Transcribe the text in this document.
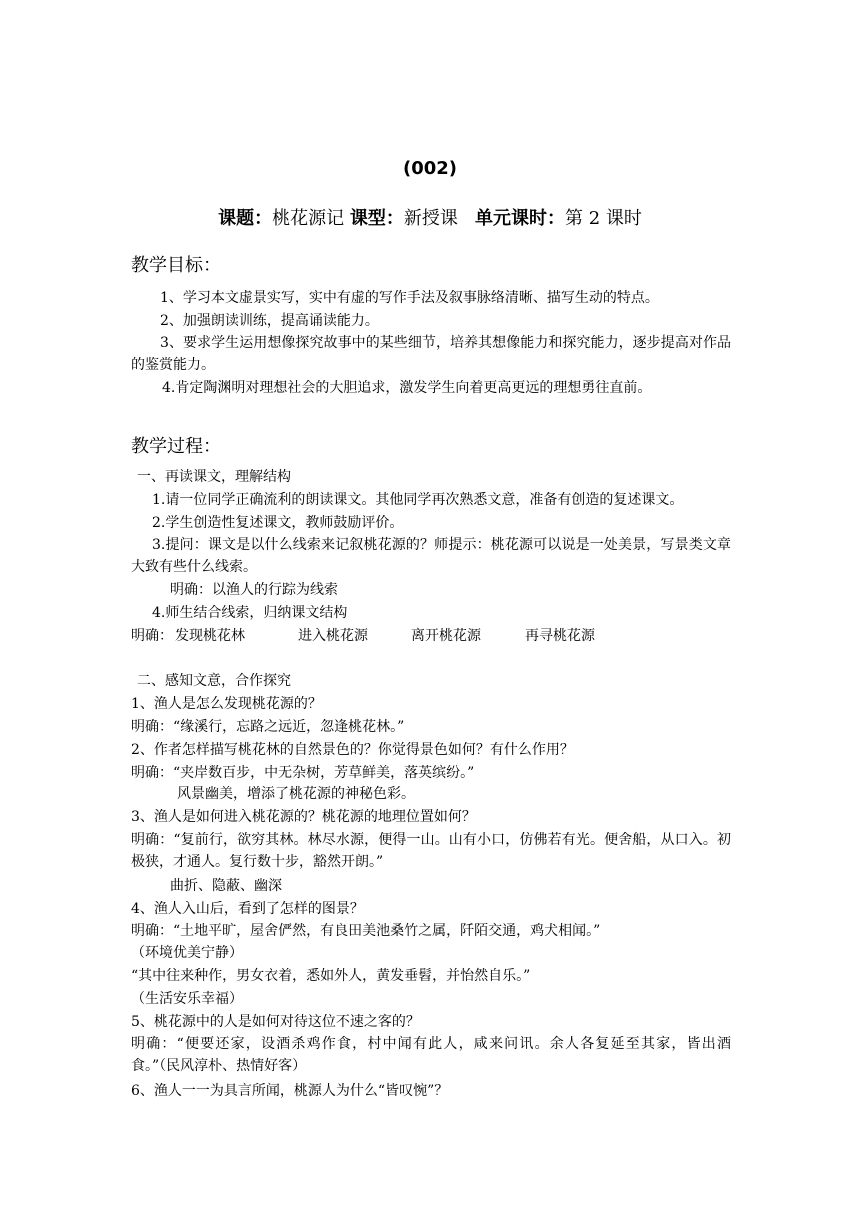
(002)
课题：桃花源记 课型：新授课 单元课时：第 2 课时
教学目标：
1、学习本文虚景实写，实中有虚的写作手法及叙事脉络清晰、描写生动的特点。
2、加强朗读训练，提高诵读能力。
3、要求学生运用想像探究故事中的某些细节，培养其想像能力和探究能力，逐步提高对作品的鉴赏能力。
4.肯定陶渊明对理想社会的大胆追求，激发学生向着更高更远的理想勇往直前。
教学过程：
一、再读课文，理解结构
1.请一位同学正确流利的朗读课文。其他同学再次熟悉文意，准备有创造的复述课文。
2.学生创造性复述课文，教师鼓励评价。
3.提问：课文是以什么线索来记叙桃花源的？师提示：桃花源可以说是一处美景，写景类文章大致有些什么线索。
明确：以渔人的行踪为线索
4.师生结合线索，归纳课文结构
明确： 发现桃花林	进入桃花源	离开桃花源	再寻桃花源
二、感知文意，合作探究
1、渔人是怎么发现桃花源的？
明确：“缘溪行，忘路之远近，忽逢桃花林。”
2、作者怎样描写桃花林的自然景色的？你觉得景色如何？有什么作用？
明确：“夹岸数百步，中无杂树，芳草鲜美，落英缤纷。”
风景幽美，增添了桃花源的神秘色彩。
3、渔人是如何进入桃花源的？桃花源的地理位置如何？
明确：“复前行，欲穷其林。林尽水源，便得一山。山有小口，仿佛若有光。便舍船，从口入。初极狭，才通人。复行数十步，豁然开朗。”
曲折、隐蔽、幽深
4、渔人入山后，看到了怎样的图景？
明确：“土地平旷，屋舍俨然，有良田美池桑竹之属，阡陌交通，鸡犬相闻。”
（环境优美宁静）
“其中往来种作，男女衣着，悉如外人，黄发垂髫，并怡然自乐。”
（生活安乐幸福）
5、桃花源中的人是如何对待这位不速之客的？
明确：“便要还家，设酒杀鸡作食，村中闻有此人，咸来问讯。余人各复延至其家，皆出酒食。”（民风淳朴、热情好客）
6、渔人一一为具言所闻，桃源人为什么“皆叹惋”？
